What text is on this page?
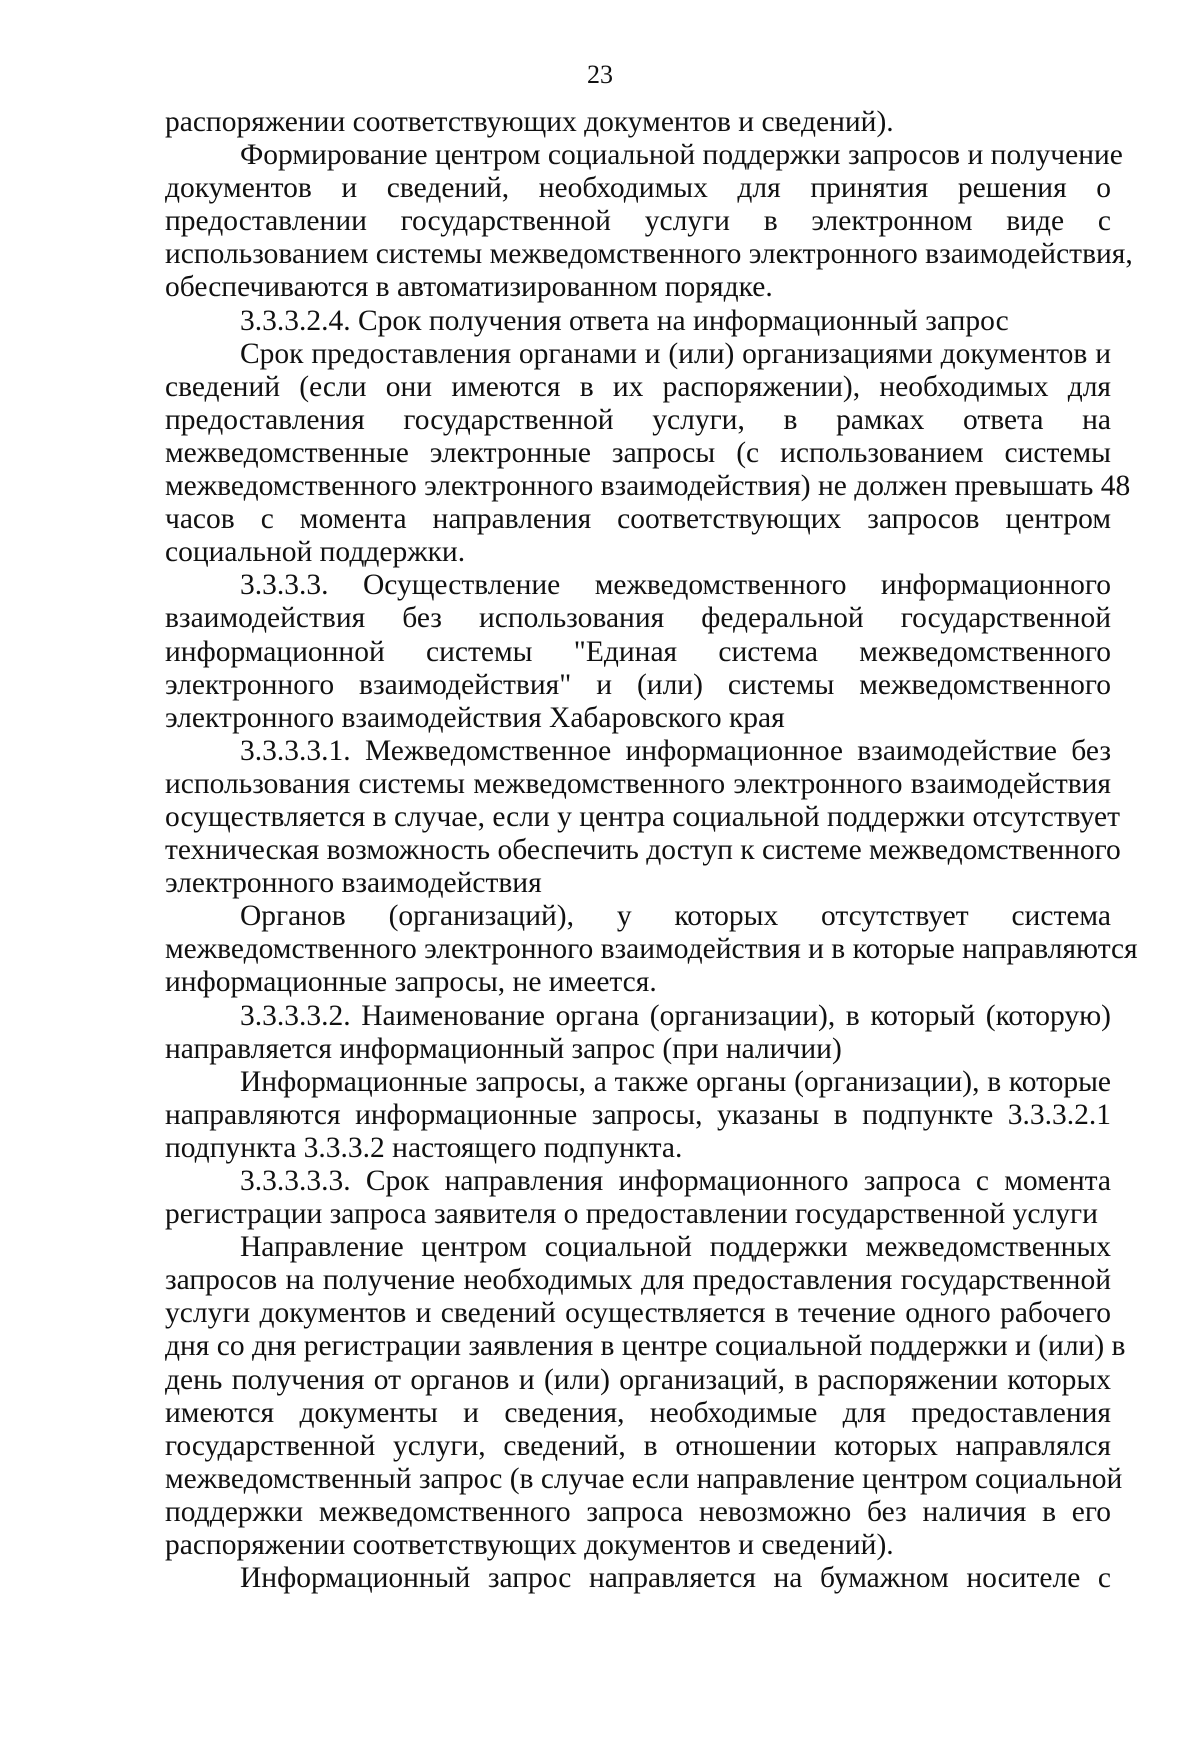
23
распоряжении соответствующих документов и сведений).
Формирование центром социальной поддержки запросов и получение
документов и сведений, необходимых для принятия решения о
предоставлении государственной услуги в электронном виде с
использованием системы межведомственного электронного взаимодействия,
обеспечиваются в автоматизированном порядке.
3.3.3.2.4. Срок получения ответа на информационный запрос
Срок предоставления органами и (или) организациями документов и
сведений (если они имеются в их распоряжении), необходимых для
предоставления государственной услуги, в рамках ответа на
межведомственные электронные запросы (с использованием системы
межведомственного электронного взаимодействия) не должен превышать 48
часов с момента направления соответствующих запросов центром
социальной поддержки.
3.3.3.3. Осуществление межведомственного информационного
взаимодействия без использования федеральной государственной
информационной системы "Единая система межведомственного
электронного взаимодействия" и (или) системы межведомственного
электронного взаимодействия Хабаровского края
3.3.3.3.1. Межведомственное информационное взаимодействие без
использования системы межведомственного электронного взаимодействия
осуществляется в случае, если у центра социальной поддержки отсутствует
техническая возможность обеспечить доступ к системе межведомственного
электронного взаимодействия
Органов (организаций), у которых отсутствует система
межведомственного электронного взаимодействия и в которые направляются
информационные запросы, не имеется.
3.3.3.3.2. Наименование органа (организации), в который (которую)
направляется информационный запрос (при наличии)
Информационные запросы, а также органы (организации), в которые
направляются информационные запросы, указаны в подпункте 3.3.3.2.1
подпункта 3.3.3.2 настоящего подпункта.
3.3.3.3.3. Срок направления информационного запроса с момента
регистрации запроса заявителя о предоставлении государственной услуги
Направление центром социальной поддержки межведомственных
запросов на получение необходимых для предоставления государственной
услуги документов и сведений осуществляется в течение одного рабочего
дня со дня регистрации заявления в центре социальной поддержки и (или) в
день получения от органов и (или) организаций, в распоряжении которых
имеются документы и сведения, необходимые для предоставления
государственной услуги, сведений, в отношении которых направлялся
межведомственный запрос (в случае если направление центром социальной
поддержки межведомственного запроса невозможно без наличия в его
распоряжении соответствующих документов и сведений).
Информационный запрос направляется на бумажном носителе с
